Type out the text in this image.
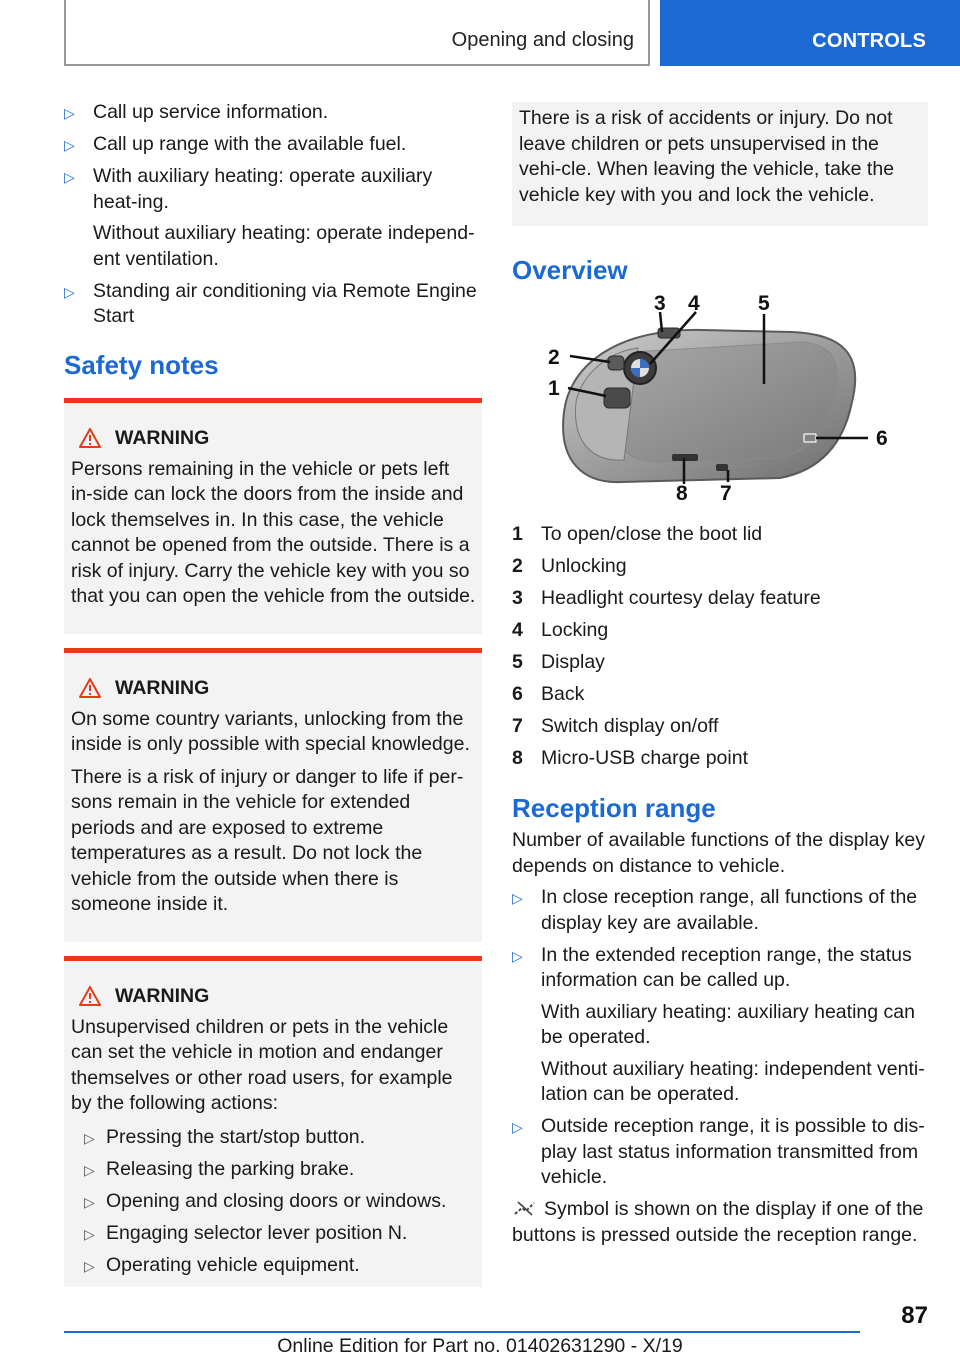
Opening and closing	CONTROLS
▷ Call up service information.
▷ Call up range with the available fuel.
▷ With auxiliary heating: operate auxiliary heat‐ing.
Without auxiliary heating: operate independ‐ent ventilation.
▷ Standing air conditioning via Remote Engine Start
Safety notes
WARNING

Persons remaining in the vehicle or pets left in‐side can lock the doors from the inside and lock themselves in. In this case, the vehicle cannot be opened from the outside. There is a risk of injury. Carry the vehicle key with you so that you can open the vehicle from the outside.

WARNING

On some country variants, unlocking from the inside is only possible with special knowledge.

There is a risk of injury or danger to life if per‐sons remain in the vehicle for extended periods and are exposed to extreme temperatures as a result. Do not lock the vehicle from the outside when there is someone inside it.

WARNING

Unsupervised children or pets in the vehicle can set the vehicle in motion and endanger themselves or other road users, for example by the following actions:

▷ Pressing the start/stop button.
▷ Releasing the parking brake.
▷ Opening and closing doors or windows.
▷ Engaging selector lever position N.
▷ Operating vehicle equipment.

There is a risk of accidents or injury. Do not leave children or pets unsupervised in the vehi‐cle. When leaving the vehicle, take the vehicle key with you and lock the vehicle.

Overview
1
2
3 4	5
6
7
8
1 To open/close the boot lid
2 Unlocking
3 Headlight courtesy delay feature
4 Locking
5 Display
6 Back
7 Switch display on/off
8 Micro-USB charge point
Reception range

Number of available functions of the display key depends on distance to vehicle.

▷ In close reception range, all functions of the display key are available.
▷ In the extended reception range, the status information can be called up.
With auxiliary heating: auxiliary heating can be operated.
Without auxiliary heating: independent venti‐lation can be operated.
▷ Outside reception range, it is possible to dis‐play last status information transmitted from vehicle.

Symbol is shown on the display if one of the buttons is pressed outside the reception range.

87
Online Edition for Part no. 01402631290 - X/19
